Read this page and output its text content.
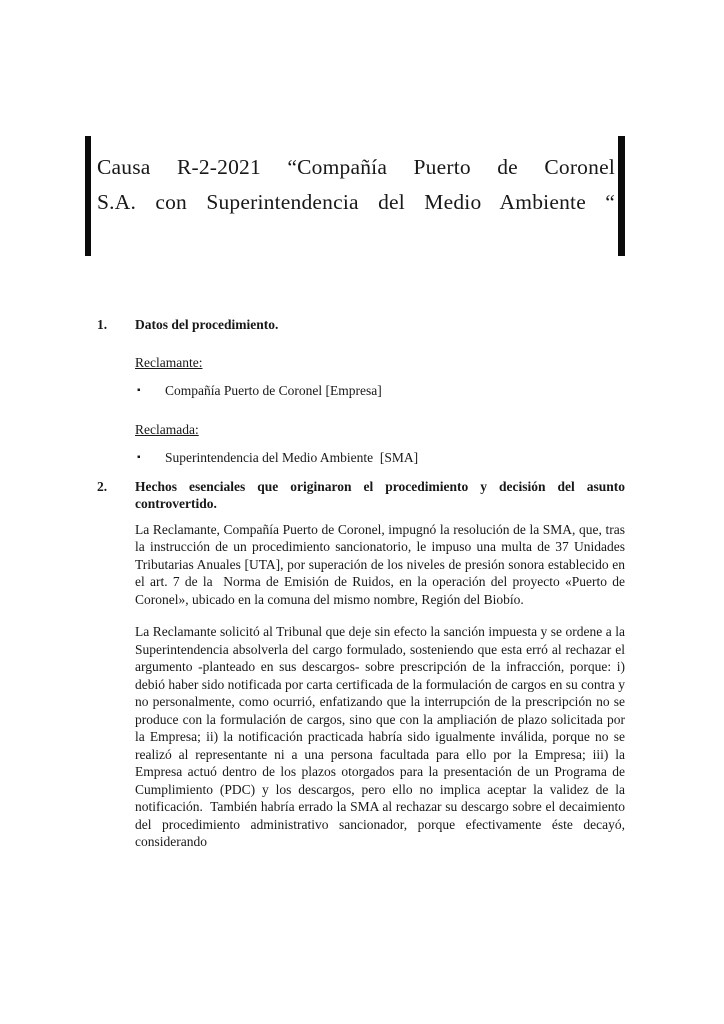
Causa R-2-2021 “Compañía Puerto de Coronel
S.A. con Superintendencia del Medio Ambiente “
1.	Datos del procedimiento.
Reclamante:
▪	Compañía Puerto de Coronel [Empresa]
Reclamada:
▪	Superintendencia del Medio Ambiente  [SMA]
2.	Hechos esenciales que originaron el procedimiento y decisión del asunto controvertido.

La Reclamante, Compañía Puerto de Coronel, impugnó la resolución de la SMA, que, tras la instrucción de un procedimiento sancionatorio, le impuso una multa de 37 Unidades Tributarias Anuales [UTA], por superación de los niveles de presión sonora establecido en el art. 7 de la  Norma de Emisión de Ruidos, en la operación del proyecto «Puerto de Coronel», ubicado en la comuna del mismo nombre, Región del Biobío.

La Reclamante solicitó al Tribunal que deje sin efecto la sanción impuesta y se ordene a la Superintendencia absolverla del cargo formulado, sosteniendo que esta erró al rechazar el argumento -planteado en sus descargos- sobre prescripción de la infracción, porque: i) debió haber sido notificada por carta certificada de la formulación de cargos en su contra y no personalmente, como ocurrió, enfatizando que la interrupción de la prescripción no se produce con la formulación de cargos, sino que con la ampliación de plazo solicitada por la Empresa; ii) la notificación practicada habría sido igualmente inválida, porque no se realizó al representante ni a una persona facultada para ello por la Empresa; iii) la Empresa actuó dentro de los plazos otorgados para la presentación de un Programa de Cumplimiento (PDC) y los descargos, pero ello no implica aceptar la validez de la notificación.  También habría errado la SMA al rechazar su descargo sobre el decaimiento del procedimiento administrativo sancionador, porque efectivamente éste decayó, considerando
